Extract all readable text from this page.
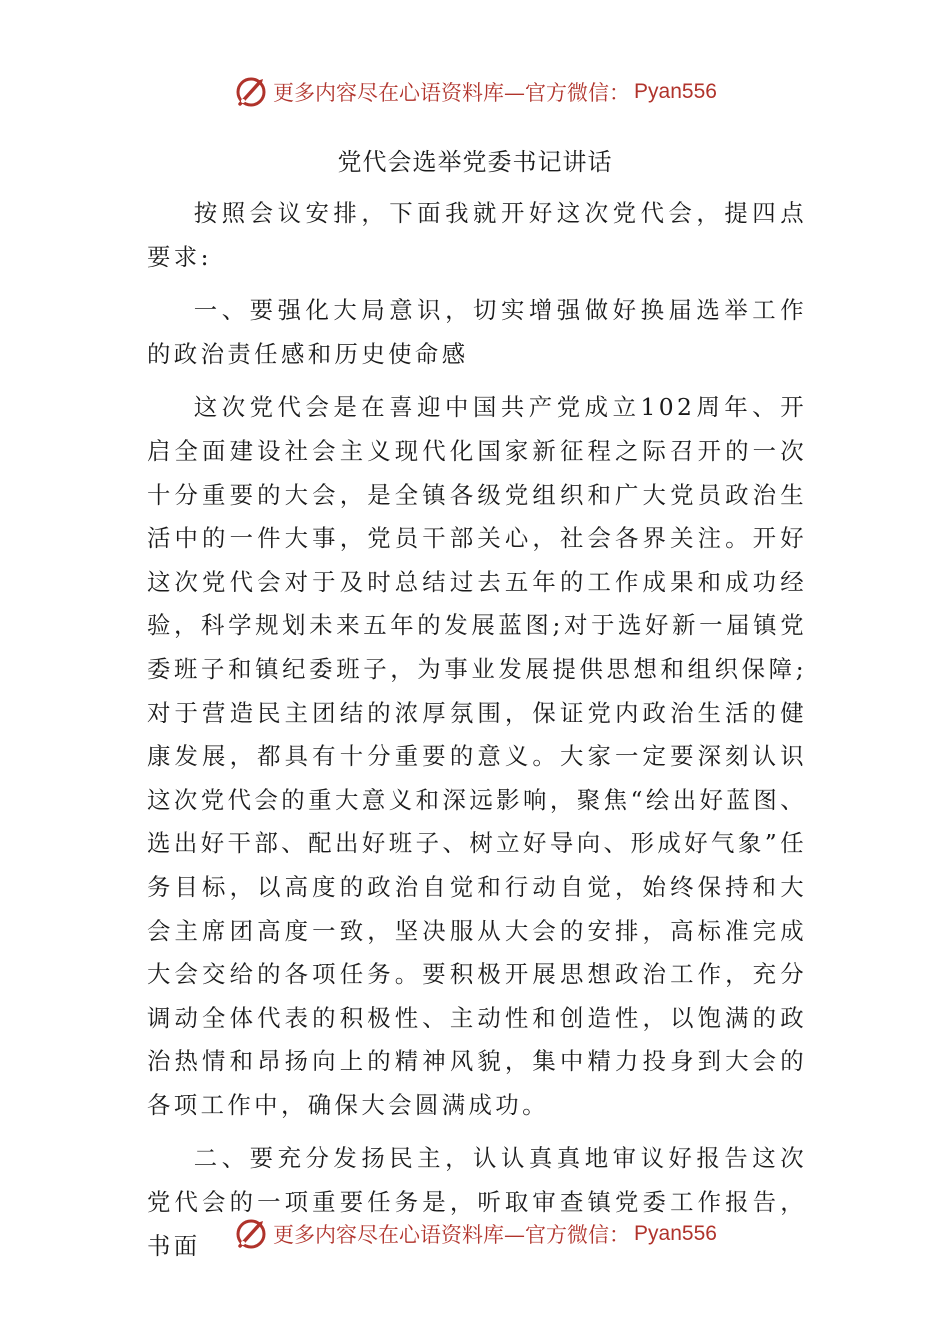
更多内容尽在心语资料库—官方微信： Pyan556
党代会选举党委书记讲话

按照会议安排，下面我就开好这次党代会，提四点要求:

一、要强化大局意识，切实增强做好换届选举工作的政治责任感和历史使命感

这次党代会是在喜迎中国共产党成立102周年、开启全面建设社会主义现代化国家新征程之际召开的一次十分重要的大会，是全镇各级党组织和广大党员政治生活中的一件大事，党员干部关心，社会各界关注。开好这次党代会对于及时总结过去五年的工作成果和成功经验，科学规划未来五年的发展蓝图;对于选好新一届镇党委班子和镇纪委班子，为事业发展提供思想和组织保障;对于营造民主团结的浓厚氛围，保证党内政治生活的健康发展，都具有十分重要的意义。大家一定要深刻认识这次党代会的重大意义和深远影响，聚焦“绘出好蓝图、选出好干部、配出好班子、树立好导向、形成好气象”任务目标，以高度的政治自觉和行动自觉，始终保持和大会主席团高度一致，坚决服从大会的安排，高标准完成大会交给的各项任务。要积极开展思想政治工作，充分调动全体代表的积极性、主动性和创造性，以饱满的政治热情和昂扬向上的精神风貌，集中精力投身到大会的各项工作中，确保大会圆满成功。

二、要充分发扬民主，认认真真地审议好报告这次党代会的一项重要任务是，听取审查镇党委工作报告，书面	更多内容尽在心语资料库—官方微信： Pyan556
